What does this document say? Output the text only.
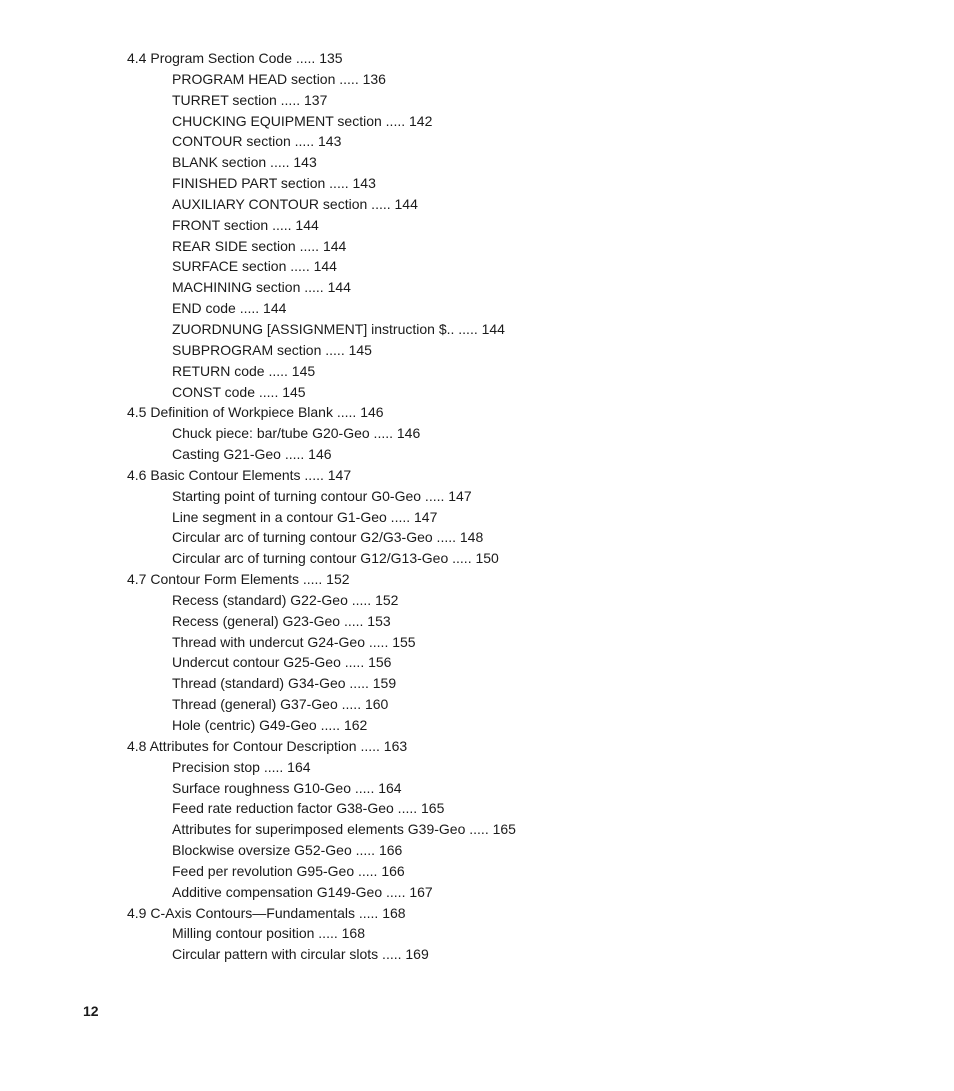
4.4 Program Section Code ..... 135
PROGRAM HEAD section ..... 136
TURRET section ..... 137
CHUCKING EQUIPMENT section ..... 142
CONTOUR section ..... 143
BLANK section ..... 143
FINISHED PART section ..... 143
AUXILIARY CONTOUR section ..... 144
FRONT section ..... 144
REAR SIDE section ..... 144
SURFACE section ..... 144
MACHINING section ..... 144
END code ..... 144
ZUORDNUNG [ASSIGNMENT] instruction $.. ..... 144
SUBPROGRAM section ..... 145
RETURN code ..... 145
CONST code ..... 145
4.5 Definition of Workpiece Blank ..... 146
Chuck piece: bar/tube G20-Geo ..... 146
Casting G21-Geo ..... 146
4.6 Basic Contour Elements ..... 147
Starting point of turning contour G0-Geo ..... 147
Line segment in a contour G1-Geo ..... 147
Circular arc of turning contour G2/G3-Geo ..... 148
Circular arc of turning contour G12/G13-Geo ..... 150
4.7 Contour Form Elements ..... 152
Recess (standard) G22-Geo ..... 152
Recess (general) G23-Geo ..... 153
Thread with undercut G24-Geo ..... 155
Undercut contour G25-Geo ..... 156
Thread (standard) G34-Geo ..... 159
Thread (general) G37-Geo ..... 160
Hole (centric) G49-Geo ..... 162
4.8 Attributes for Contour Description ..... 163
Precision stop ..... 164
Surface roughness G10-Geo ..... 164
Feed rate reduction factor G38-Geo ..... 165
Attributes for superimposed elements G39-Geo ..... 165
Blockwise oversize G52-Geo ..... 166
Feed per revolution G95-Geo ..... 166
Additive compensation G149-Geo ..... 167
4.9 C-Axis Contours—Fundamentals ..... 168
Milling contour position ..... 168
Circular pattern with circular slots ..... 169
12
